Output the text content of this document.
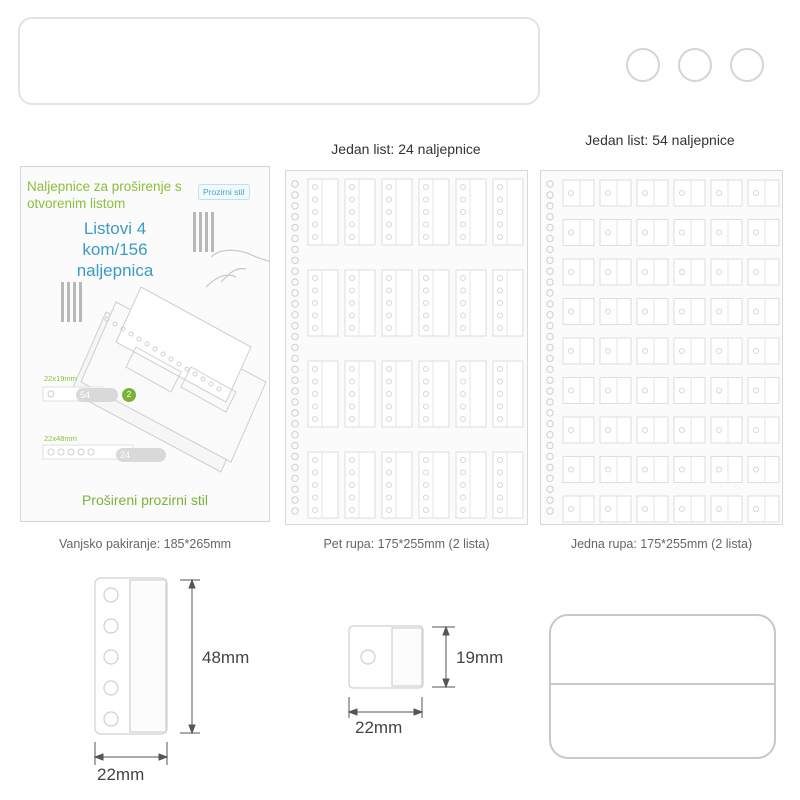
Naljepnice za proširenje s otvorenim listom
Prozirni stil
Listovi 4 kom/156 naljepnica
22x19mm
54	2
22x48mm
24
Prošireni prozirni stil
Vanjsko pakiranje: 185*265mm
Jedan list: 24 naljepnice
Pet rupa: 175*255mm (2 lista)
Jedan list: 54 naljepnice
Jedna rupa: 175*255mm (2 lista)
48mm
22mm
19mm
22mm
